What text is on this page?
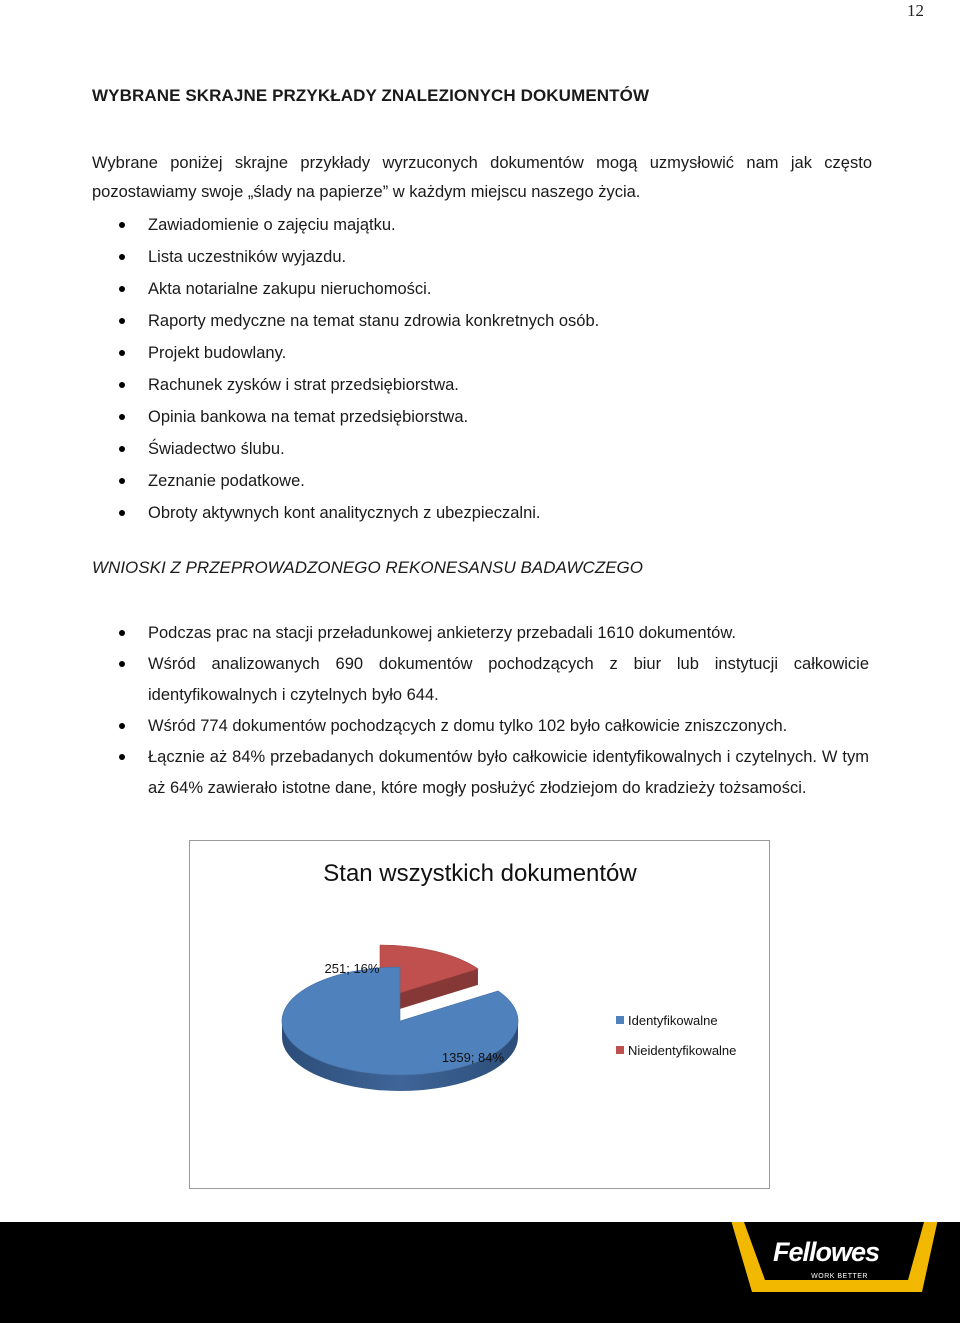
12
WYBRANE SKRAJNE PRZYKŁADY ZNALEZIONYCH DOKUMENTÓW

Wybrane poniżej skrajne przykłady wyrzuconych dokumentów mogą uzmysłowić nam jak często pozostawiamy swoje „ślady na papierze” w każdym miejscu naszego życia.

Zawiadomienie o zajęciu majątku.
Lista uczestników wyjazdu.
Akta notarialne zakupu nieruchomości.
Raporty medyczne na temat stanu zdrowia konkretnych osób.
Projekt budowlany.
Rachunek zysków i strat przedsiębiorstwa.
Opinia bankowa na temat przedsiębiorstwa.
Świadectwo ślubu.
Zeznanie podatkowe.
Obroty aktywnych kont analitycznych z ubezpieczalni.
WNIOSKI Z PRZEPROWADZONEGO REKONESANSU BADAWCZEGO
Podczas prac na stacji przeładunkowej ankieterzy przebadali 1610 dokumentów.
Wśród analizowanych 690 dokumentów pochodzących z biur lub instytucji całkowicie identyfikowalnych i czytelnych było 644.
Wśród 774 dokumentów pochodzących z domu tylko 102 było całkowicie zniszczonych.
Łącznie aż 84% przebadanych dokumentów było całkowicie identyfikowalnych i czytelnych. W tym aż 64% zawierało istotne dane, które mogły posłużyć złodziejom do kradzieży tożsamości.
Stan wszystkich dokumentów
251; 16%
1359; 84%
Identyfikowalne
Nieidentyfikowalne
Fellowes
WORK BETTER
